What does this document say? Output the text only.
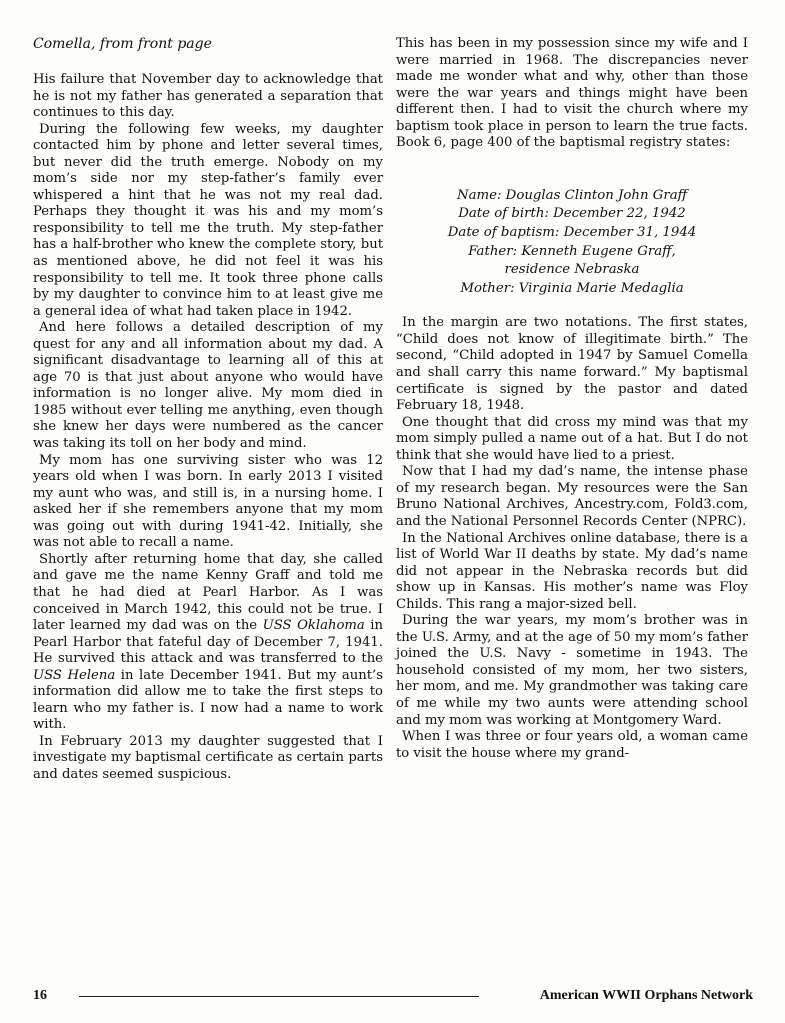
Comella, from front page

His failure that November day to acknowledge that he is not my father has generated a separation that continues to this day.

During the following few weeks, my daughter contacted him by phone and letter several times, but never did the truth emerge. Nobody on my mom’s side nor my step-father’s family ever whispered a hint that he was not my real dad. Perhaps they thought it was his and my mom’s responsibility to tell me the truth. My step-father has a half-brother who knew the complete story, but as mentioned above, he did not feel it was his responsibility to tell me. It took three phone calls by my daughter to convince him to at least give me a general idea of what had taken place in 1942.

And here follows a detailed description of my quest for any and all information about my dad. A significant disadvantage to learning all of this at age 70 is that just about anyone who would have information is no longer alive. My mom died in 1985 without ever telling me anything, even though she knew her days were numbered as the cancer was taking its toll on her body and mind.

My mom has one surviving sister who was 12 years old when I was born. In early 2013 I visited my aunt who was, and still is, in a nursing home. I asked her if she remembers anyone that my mom was going out with during 1941-42. Initially, she was not able to recall a name.

Shortly after returning home that day, she called and gave me the name Kenny Graff and told me that he had died at Pearl Harbor. As I was conceived in March 1942, this could not be true. I later learned my dad was on the USS Oklahoma in Pearl Harbor that fateful day of December 7, 1941. He survived this attack and was transferred to the USS Helena in late December 1941. But my aunt’s information did allow me to take the first steps to learn who my father is. I now had a name to work with.

In February 2013 my daughter suggested that I investigate my baptismal certificate as certain parts and dates seemed suspicious.

This has been in my possession since my wife and I were married in 1968. The discrepancies never made me wonder what and why, other than those were the war years and things might have been different then. I had to visit the church where my baptism took place in person to learn the true facts. Book 6, page 400 of the baptismal registry states:

Name: Douglas Clinton John Graff
Date of birth: December 22, 1942
Date of baptism: December 31, 1944
Father: Kenneth Eugene Graff,
residence Nebraska
Mother: Virginia Marie Medaglia

In the margin are two notations. The first states, “Child does not know of illegitimate birth.” The second, “Child adopted in 1947 by Samuel Comella and shall carry this name forward.” My baptismal certificate is signed by the pastor and dated February 18, 1948.

One thought that did cross my mind was that my mom simply pulled a name out of a hat. But I do not think that she would have lied to a priest.

Now that I had my dad’s name, the intense phase of my research began. My resources were the San Bruno National Archives, Ancestry.com, Fold3.com, and the National Personnel Records Center (NPRC).

In the National Archives online database, there is a list of World War II deaths by state. My dad’s name did not appear in the Nebraska records but did show up in Kansas. His mother’s name was Floy Childs. This rang a major-sized bell.

During the war years, my mom’s brother was in the U.S. Army, and at the age of 50 my mom’s father joined the U.S. Navy - sometime in 1943. The household consisted of my mom, her two sisters, her mom, and me. My grandmother was taking care of me while my two aunts were attending school and my mom was working at Montgomery Ward.

When I was three or four years old, a woman came to visit the house where my grand-

16	American WWII Orphans Network
